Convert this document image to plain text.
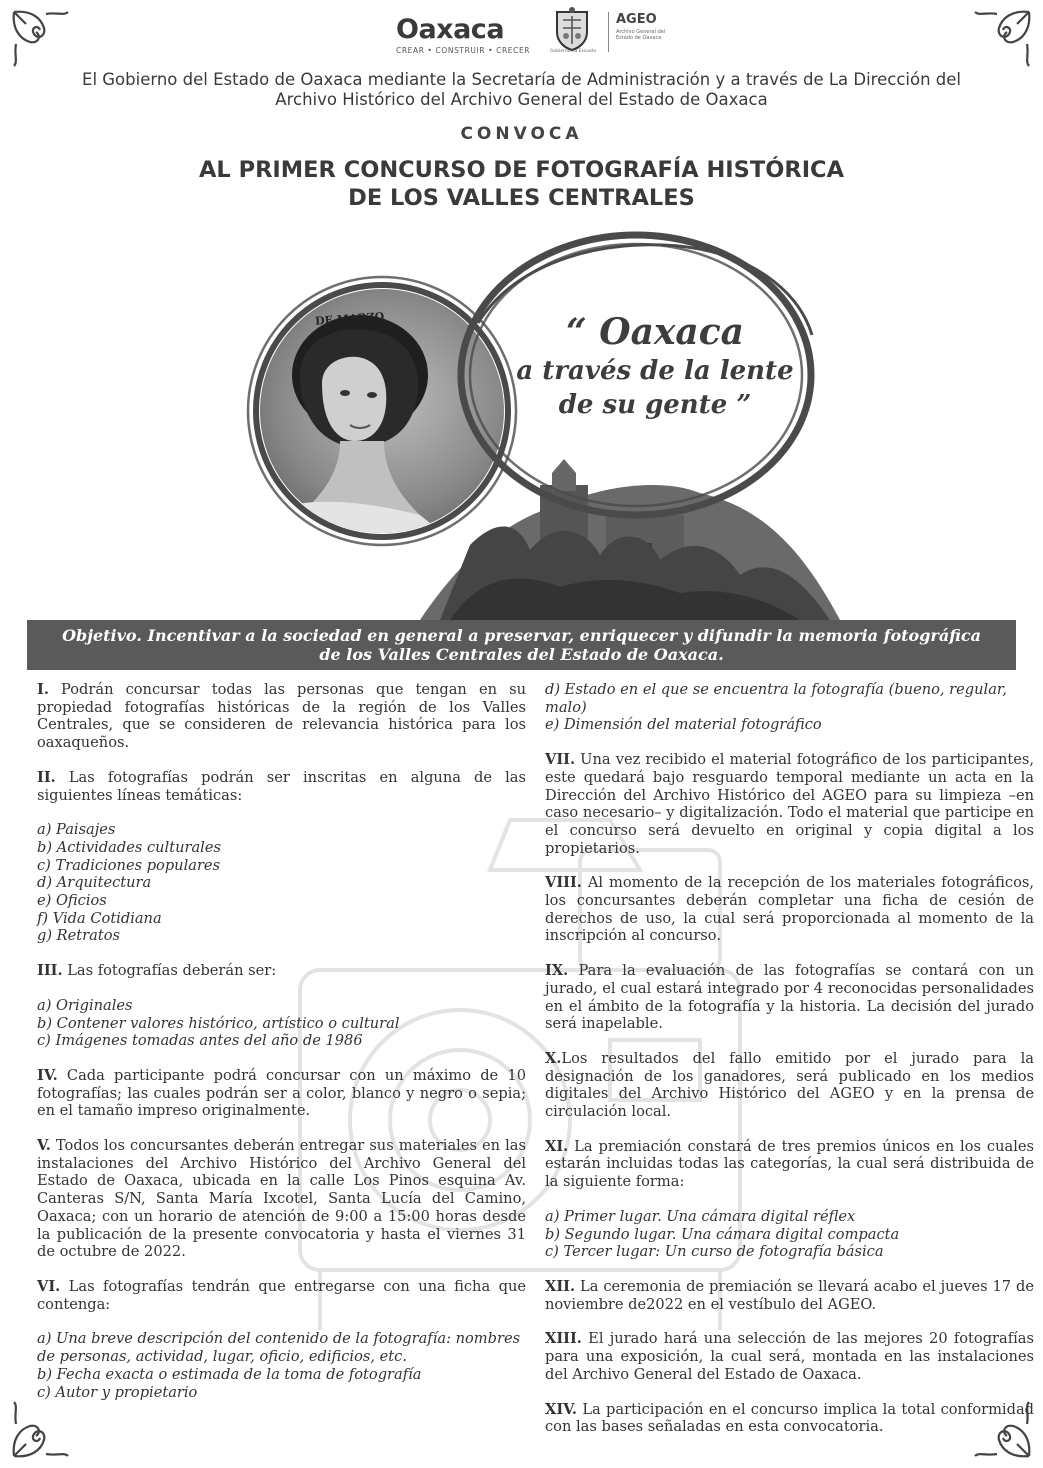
Oaxaca
CREAR • CONSTRUIR • CRECER	Gobierno La Escuela
AGEO
Archivo General del Estado de Oaxaca
El Gobierno del Estado de Oaxaca mediante la Secretaría de Administración y a través de La Dirección del Archivo Histórico del Archivo General del Estado de Oaxaca
CONVOCA
AL PRIMER CONCURSO DE FOTOGRAFÍA HISTÓRICA
DE LOS VALLES CENTRALES
DE MARZO	“ Oaxaca
a través de la lente
de su gente ”
Objetivo. Incentivar a la sociedad en general a preservar, enriquecer y difundir la memoria fotográfica
de los Valles Centrales del Estado de Oaxaca.

I. Podrán concursar todas las personas que tengan en su propiedad fotografías históricas de la región de los Valles Centrales, que se consideren de relevancia histórica para los oaxaqueños.

II. Las fotografías podrán ser inscritas en alguna de las siguientes líneas temáticas:

a) Paisajes
b) Actividades culturales
c) Tradiciones populares
d) Arquitectura
e) Oficios
f) Vida Cotidiana
g) Retratos

III. Las fotografías deberán ser:

a) Originales
b) Contener valores histórico, artístico o cultural
c) Imágenes tomadas antes del año de 1986

IV. Cada participante podrá concursar con un máximo de 10 fotografías; las cuales podrán ser a color, blanco y negro o sepia; en el tamaño impreso originalmente.

V. Todos los concursantes deberán entregar sus materiales en las instalaciones del Archivo Histórico del Archivo General del Estado de Oaxaca, ubicada en la calle Los Pinos esquina Av. Canteras S/N, Santa María Ixcotel, Santa Lucía del Camino, Oaxaca; con un horario de atención de 9:00 a 15:00 horas desde la publicación de la presente convocatoria y hasta el viernes 31 de octubre de 2022.

VI. Las fotografías tendrán que entregarse con una ficha que contenga:

a) Una breve descripción del contenido de la fotografía: nombres de personas, actividad, lugar, oficio, edificios, etc.
b) Fecha exacta o estimada de la toma de fotografía
c) Autor y propietario
d) Estado en el que se encuentra la fotografía (bueno, regular, malo)
e) Dimensión del material fotográfico

VII. Una vez recibido el material fotográfico de los participantes, este quedará bajo resguardo temporal mediante un acta en la Dirección del Archivo Histórico del AGEO para su limpieza –en caso necesario– y digitalización. Todo el material que participe en el concurso será devuelto en original y copia digital a los propietarios.

VIII. Al momento de la recepción de los materiales fotográficos, los concursantes deberán completar una ficha de cesión de derechos de uso, la cual será proporcionada al momento de la inscripción al concurso.

IX. Para la evaluación de las fotografías se contará con un jurado, el cual estará integrado por 4 reconocidas personalidades en el ámbito de la fotografía y la historia. La decisión del jurado será inapelable.

X.Los resultados del fallo emitido por el jurado para la designación de los ganadores, será publicado en los medios digitales del Archivo Histórico del AGEO y en la prensa de circulación local.

XI. La premiación constará de tres premios únicos en los cuales estarán incluidas todas las categorías, la cual será distribuida de la siguiente forma:

a) Primer lugar. Una cámara digital réflex
b) Segundo lugar. Una cámara digital compacta
c) Tercer lugar: Un curso de fotografía básica

XII. La ceremonia de premiación se llevará acabo el jueves 17 de noviembre de2022 en el vestíbulo del AGEO.

XIII. El jurado hará una selección de las mejores 20 fotografías para una exposición, la cual será, montada en las instalaciones del Archivo General del Estado de Oaxaca.

XIV. La participación en el concurso implica la total conformidad con las bases señaladas en esta convocatoria.
